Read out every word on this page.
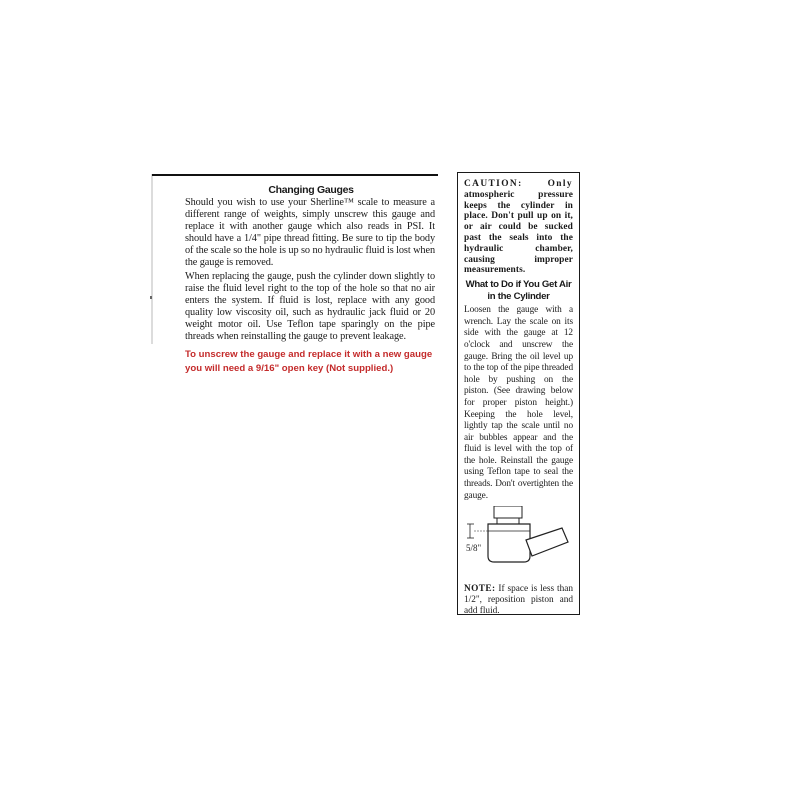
Changing Gauges

Should you wish to use your Sherline™ scale to measure a different range of weights, simply unscrew this gauge and replace it with another gauge which also reads in PSI. It should have a 1/4" pipe thread fitting. Be sure to tip the body of the scale so the hole is up so no hydraulic fluid is lost when the gauge is removed.

When replacing the gauge, push the cylinder down slightly to raise the fluid level right to the top of the hole so that no air enters the system. If fluid is lost, replace with any good quality low viscosity oil, such as hydraulic jack fluid or 20 weight motor oil. Use Teflon tape sparingly on the pipe threads when reinstalling the gauge to prevent leakage.

To unscrew the gauge and replace it with a new gauge you will need a 9/16" open key (Not supplied.)

CAUTION: Only atmospheric pressure keeps the cylinder in place. Don't pull up on it, or air could be sucked past the seals into the hydraulic chamber, causing improper measurements.

What to Do if You Get Air in the Cylinder

Loosen the gauge with a wrench. Lay the scale on its side with the gauge at 12 o'clock and unscrew the gauge. Bring the oil level up to the top of the pipe threaded hole by pushing on the piston. (See drawing below for proper piston height.) Keeping the hole level, lightly tap the scale until no air bubbles appear and the fluid is level with the top of the hole. Reinstall the gauge using Teflon tape to seal the threads. Don't overtighten the gauge.

5/8"

NOTE: If space is less than 1/2", reposition piston and add fluid.
